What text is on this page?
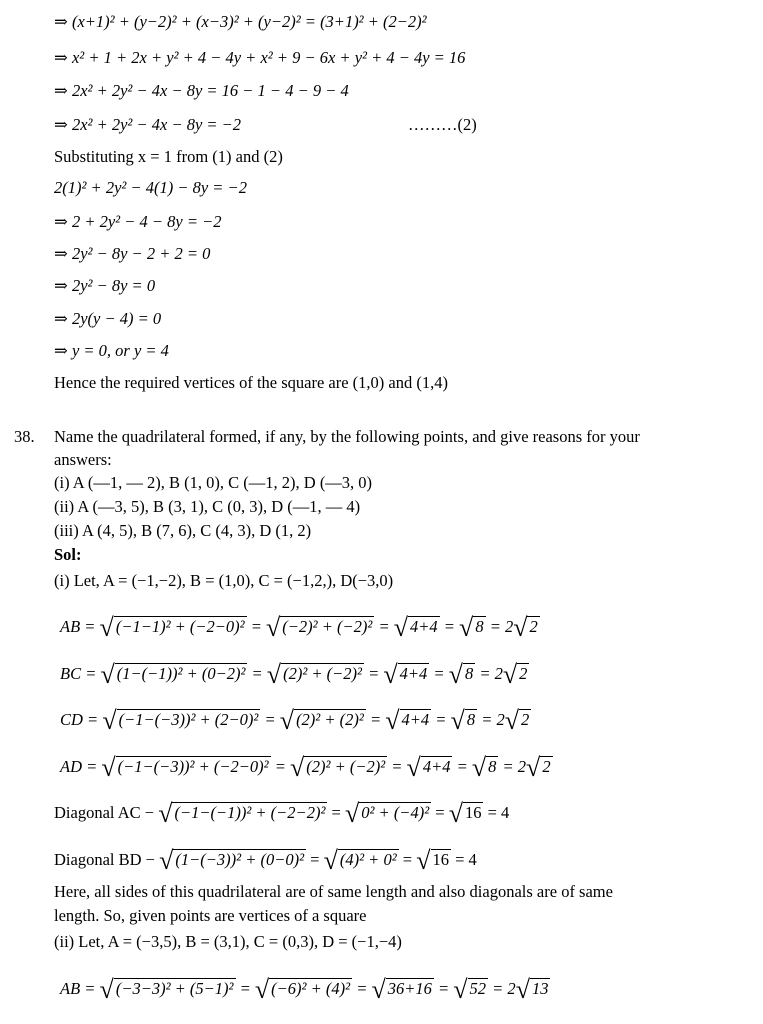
⇒ (x+1)² + (y−2)² + (x−3)² + (y−2)² = (3+1)² + (2−2)²
⇒ x² + 1 + 2x + y² + 4 − 4y + x² + 9 − 6x + y² + 4 − 4y = 16
⇒ 2x² + 2y² − 4x − 8y = 16 − 1 − 4 − 9 − 4
⇒ 2x² + 2y² − 4x − 8y = −2	………(2)
Substituting x = 1 from (1) and (2)
2(1)² + 2y² − 4(1) − 8y = −2
⇒ 2 + 2y² − 4 − 8y = −2
⇒ 2y² − 8y − 2 + 2 = 0
⇒ 2y² − 8y = 0
⇒ 2y(y − 4) = 0
⇒ y = 0, or y = 4
Hence the required vertices of the square are (1,0) and (1,4)
38. Name the quadrilateral formed, if any, by the following points, and give reasons for your
answers:
(i) A (—1, — 2), B (1, 0), C (—1, 2), D (—3, 0)
(ii) A (—3, 5), B (3, 1), C (0, 3), D (—1, — 4)
(iii) A (4, 5), B (7, 6), C (4, 3), D (1, 2)
Sol:
(i) Let, A = (−1,−2), B = (1,0), C = (−1,2,), D(−3,0)
AB = √ (−1−1)² + (−2−0)² = √ (−2)² + (−2)² = √ 4+4 = √ 8 = 2√ 2
BC = √ (1−(−1))² + (0−2)² = √ (2)² + (−2)² = √ 4+4 = √ 8 = 2√ 2
CD = √ (−1−(−3))² + (2−0)² = √ (2)² + (2)² = √ 4+4 = √ 8 = 2√ 2
AD = √ (−1−(−3))² + (−2−0)² = √ (2)² + (−2)² = √ 4+4 = √ 8 = 2√ 2
Diagonal AC − √ (−1−(−1))² + (−2−2)² = √ 0² + (−4)² = √ 16 = 4
Diagonal BD − √ (1−(−3))² + (0−0)² = √ (4)² + 0² = √ 16 = 4
Here, all sides of this quadrilateral are of same length and also diagonals are of same
length. So, given points are vertices of a square
(ii) Let, A = (−3,5), B = (3,1), C = (0,3), D = (−1,−4)
AB = √ (−3−3)² + (5−1)² = √ (−6)² + (4)² = √ 36+16 = √ 52 = 2√ 13
